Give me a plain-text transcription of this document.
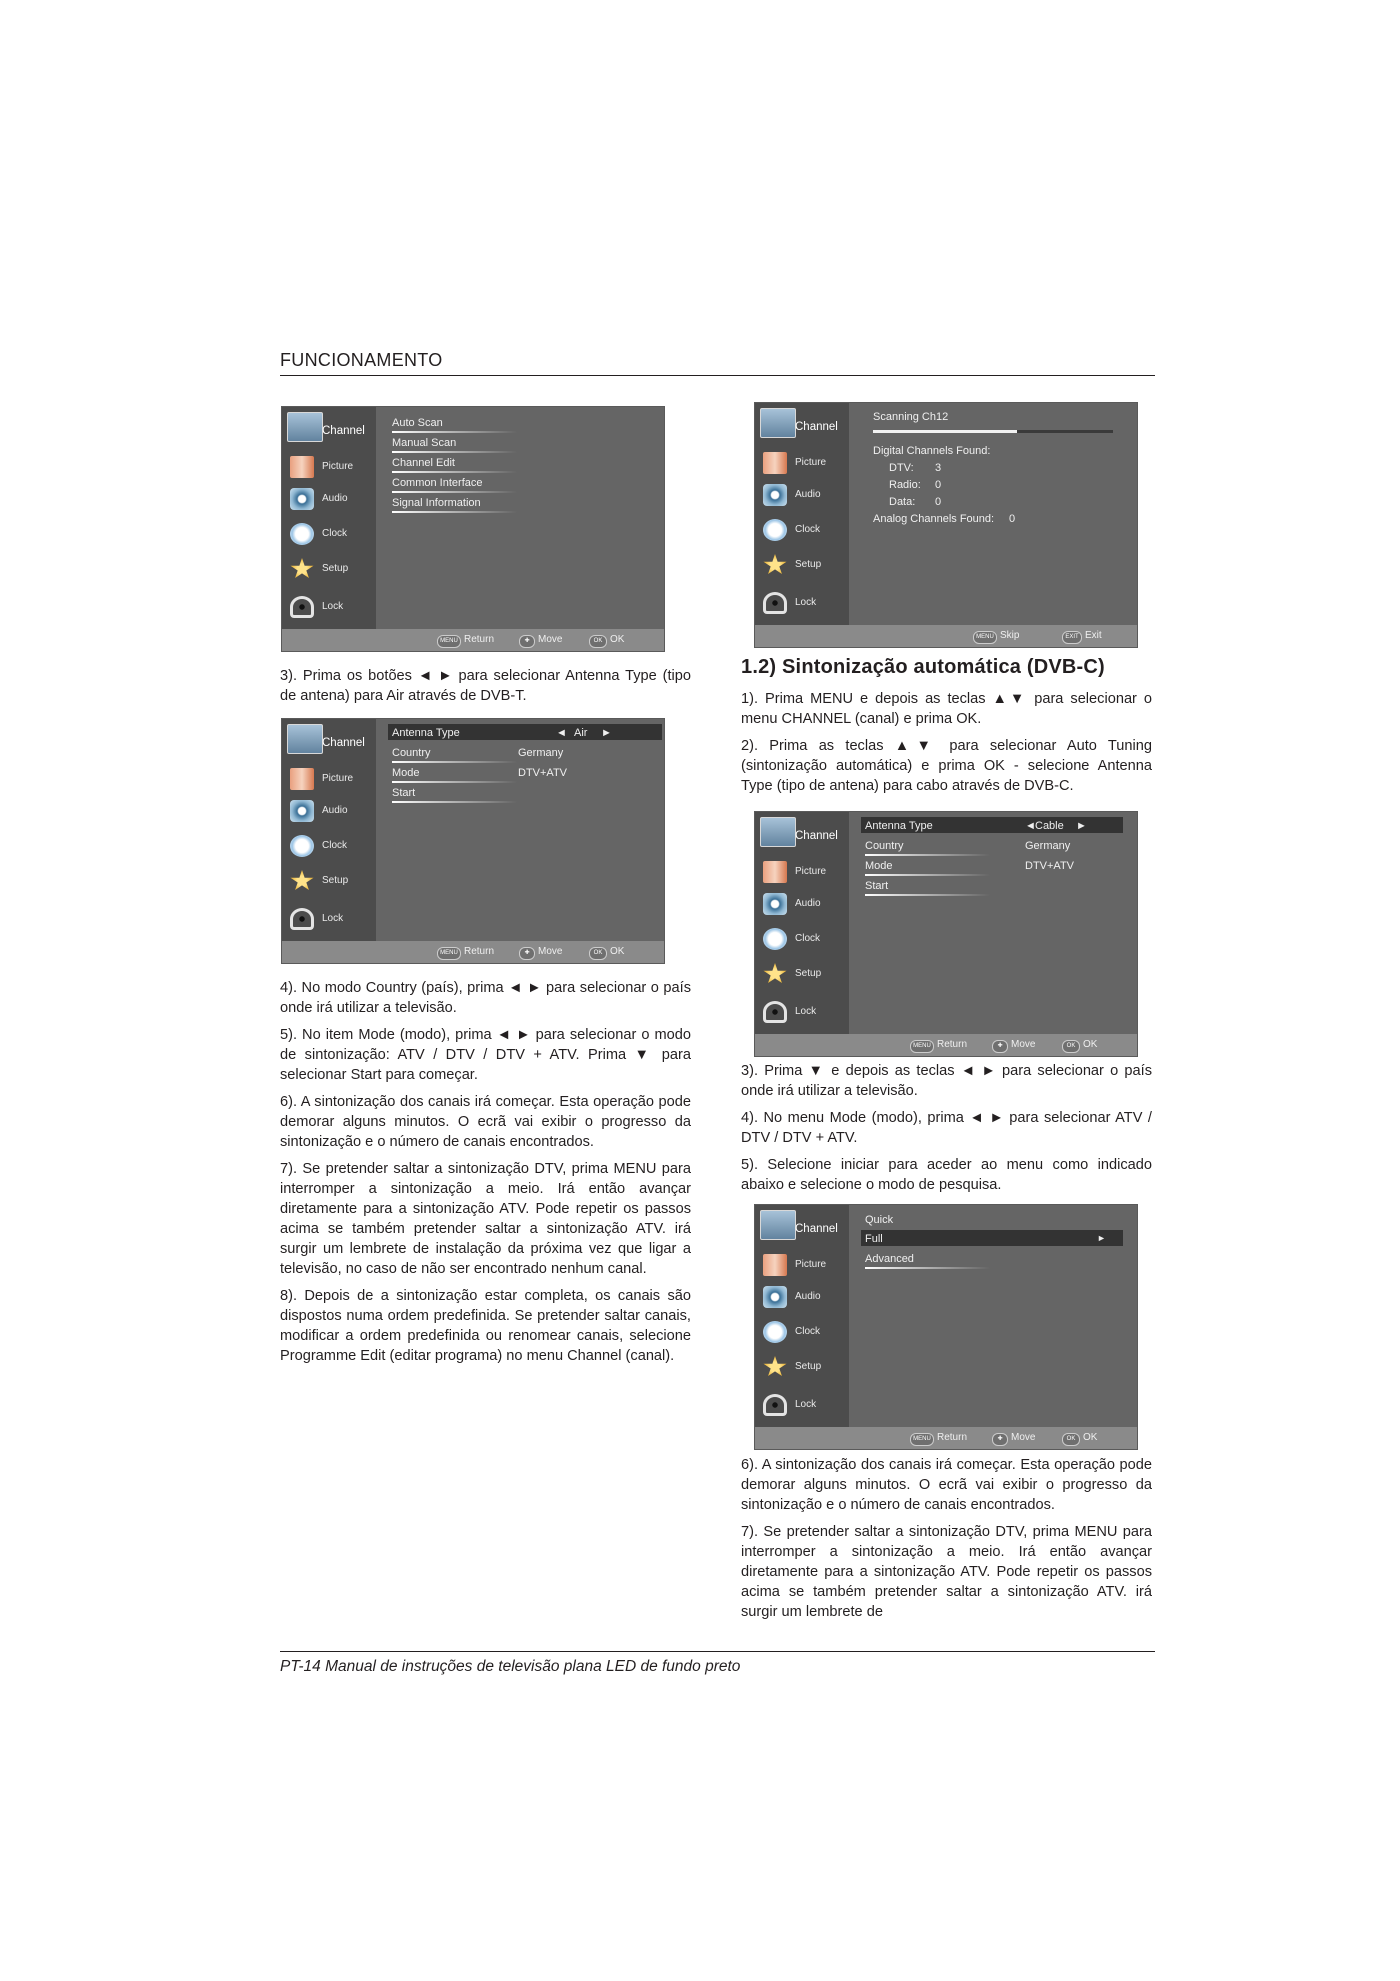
FUNCIONAMENTO
Channel
Picture
Audio
Clock
Setup
Lock
Auto Scan
Manual Scan
Channel Edit
Common Interface
Signal Information
MENU Return	✚ Move	OK OK
Channel
Picture
Audio
Clock
Setup
Lock
Antenna Type	◄ Air ►
Country	Germany
Mode	DTV+ATV
Start
MENU Return	✚ Move	OK OK
Channel
Picture
Audio
Clock
Setup
Lock
Scanning Ch12
Digital Channels Found:
DTV: 3
Radio: 0
Data: 0
Analog Channels Found: 0
MENU Skip	EXIT Exit
Channel
Picture
Audio
Clock
Setup
Lock
Antenna Type	◄ Cable ►
Country	Germany
Mode	DTV+ATV
Start
MENU Return	✚ Move	OK OK
Channel
Picture
Audio
Clock
Setup
Lock
Quick
Full	►
Advanced
MENU Return	✚ Move	OK OK

3). Prima os botões ◄ ► para selecionar Antenna Type (tipo de antena) para Air através de DVB-T.

4). No modo Country (país), prima ◄ ► para selecionar o país onde irá utilizar a televisão.

5). No item Mode (modo), prima ◄ ► para selecionar o modo de sintonização: ATV / DTV / DTV + ATV. Prima ▼ para selecionar Start para começar.

6). A sintonização dos canais irá começar. Esta operação pode demorar alguns minutos. O ecrã vai exibir o progresso da sintonização e o número de canais encontrados.

7). Se pretender saltar a sintonização DTV, prima MENU para interromper a sintonização a meio. Irá então avançar diretamente para a sintonização ATV. Pode repetir os passos acima se também pretender saltar a sintonização ATV. irá surgir um lembrete de instalação da próxima vez que ligar a televisão, no caso de não ser encontrado nenhum canal.

8). Depois de a sintonização estar completa, os canais são dispostos numa ordem predefinida. Se pretender saltar canais, modificar a ordem predefinida ou renomear canais, selecione Programme Edit (editar programa) no menu Channel (canal).

1.2) Sintonização automática (DVB-C)

1). Prima MENU e depois as teclas ▲▼ para selecionar o menu CHANNEL (canal) e prima OK.

2). Prima as teclas ▲▼ para selecionar Auto Tuning (sintonização automática) e prima OK - selecione Antenna Type (tipo de antena) para cabo através de DVB-C.

3). Prima ▼ e depois as teclas ◄ ► para selecionar o país onde irá utilizar a televisão.

4). No menu Mode (modo), prima ◄ ► para selecionar ATV / DTV / DTV + ATV.

5). Selecione iniciar para aceder ao menu como indicado abaixo e selecione o modo de pesquisa.

6). A sintonização dos canais irá começar. Esta operação pode demorar alguns minutos. O ecrã vai exibir o progresso da sintonização e o número de canais encontrados.

7). Se pretender saltar a sintonização DTV, prima MENU para interromper a sintonização a meio. Irá então avançar diretamente para a sintonização ATV. Pode repetir os passos acima se também pretender saltar a sintonização ATV. irá surgir um lembrete de

PT-14 Manual de instruções de televisão plana LED de fundo preto
